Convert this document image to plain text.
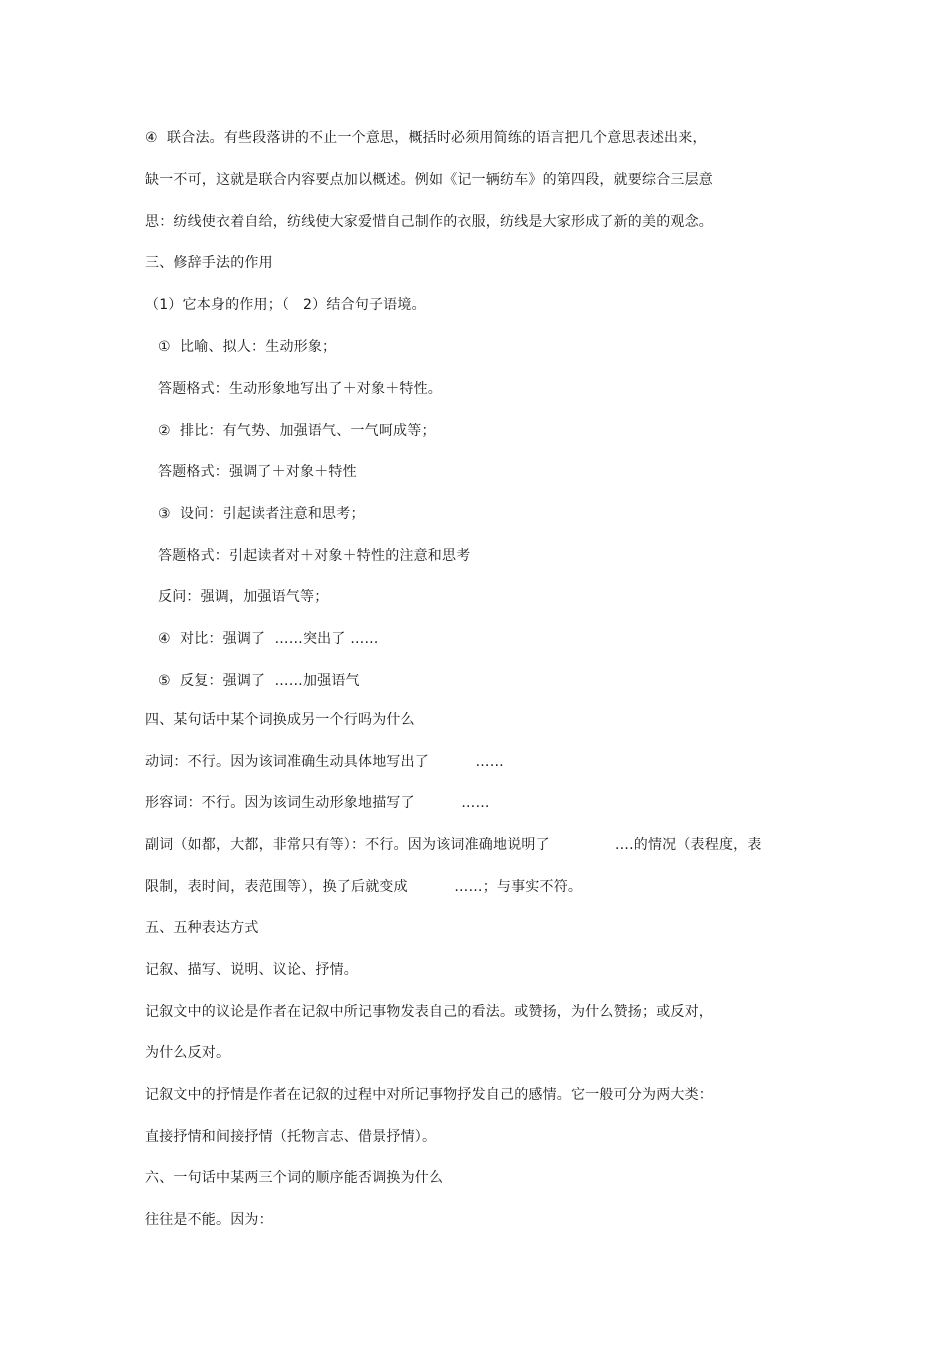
④  联合法。有些段落讲的不止一个意思，概括时必须用简练的语言把几个意思表述出来，
缺一不可，这就是联合内容要点加以概述。例如《记一辆纺车》的第四段，就要综合三层意
思：纺线使衣着自给，纺线使大家爱惜自己制作的衣服，纺线是大家形成了新的美的观念。
三、修辞手法的作用
（1）它本身的作用；（   2）结合句子语境。
①  比喻、拟人：生动形象；
答题格式：生动形象地写出了＋对象＋特性。
②  排比：有气势、加强语气、一气呵成等；
答题格式：强调了＋对象＋特性
③  设问：引起读者注意和思考；
答题格式：引起读者对＋对象＋特性的注意和思考
反问：强调，加强语气等；
④  对比：强调了  ……突出了 ……
⑤  反复：强调了  ……加强语气
四、某句话中某个词换成另一个行吗为什么
动词：不行。因为该词准确生动具体地写出了          ……
形容词：不行。因为该词生动形象地描写了          ……
副词（如都，大都，非常只有等）：不行。因为该词准确地说明了              ….的情况（表程度，表
限制，表时间，表范围等），换了后就变成          ……；与事实不符。
五、五种表达方式
记叙、描写、说明、议论、抒情。
记叙文中的议论是作者在记叙中所记事物发表自己的看法。或赞扬，为什么赞扬；或反对，
为什么反对。
记叙文中的抒情是作者在记叙的过程中对所记事物抒发自己的感情。它一般可分为两大类：
直接抒情和间接抒情（托物言志、借景抒情）。
六、一句话中某两三个词的顺序能否调换为什么
往往是不能。因为：
